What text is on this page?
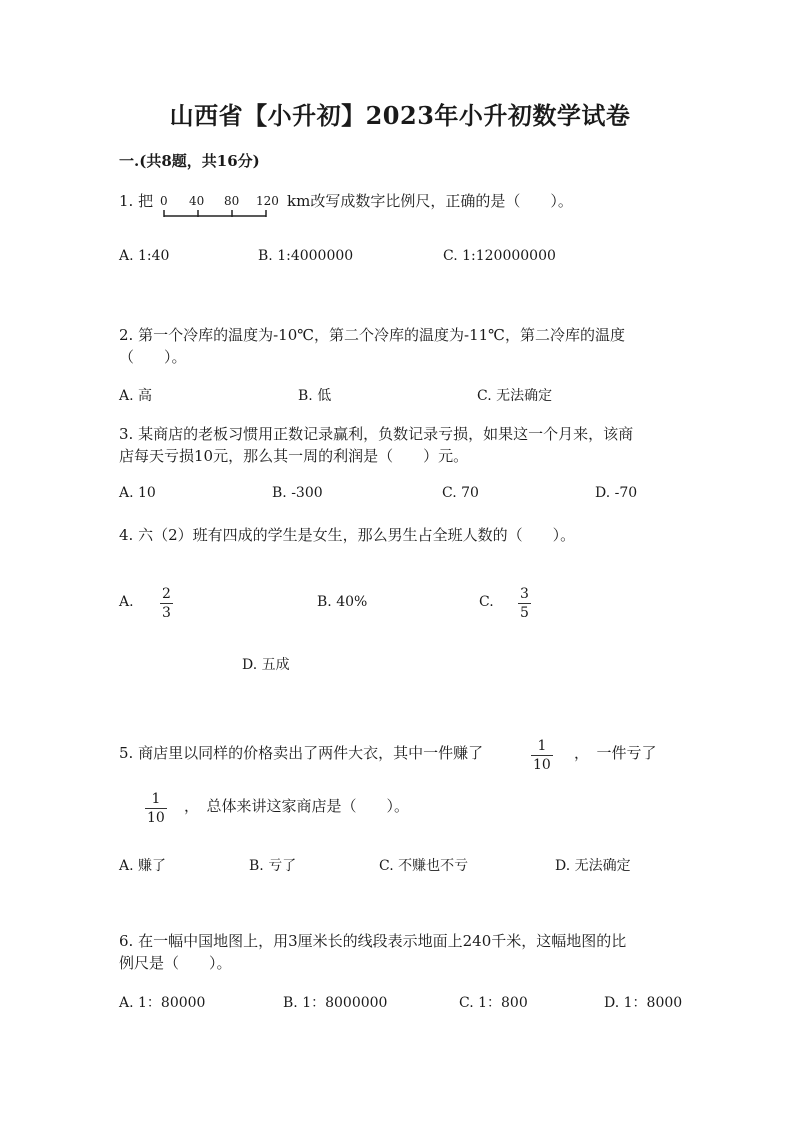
山西省【小升初】2023年小升初数学试卷
一.(共8题，共16分)
1. 把 0 40 80 120 km改写成数字比例尺，正确的是（　　）。
A. 1:40	B. 1:4000000	C. 1:120000000
2. 第一个冷库的温度为-10℃，第二个冷库的温度为-11℃，第二冷库的温度
（　　）。
A. 高	B. 低	C. 无法确定
3. 某商店的老板习惯用正数记录赢利，负数记录亏损，如果这一个月来，该商
店每天亏损10元，那么其一周的利润是（　　）元。
A. 10	B. -300	C. 70	D. -70
4. 六（2）班有四成的学生是女生，那么男生占全班人数的（　　）。
A. 2
3
B. 40%	C. 3
5
D. 五成
5. 商店里以同样的价格卖出了两件大衣，其中一件赚了	1
10
，　一件亏了
1
10
，　总体来讲这家商店是（　　）。
A. 赚了	B. 亏了	C. 不赚也不亏	D. 无法确定
6. 在一幅中国地图上，用3厘米长的线段表示地面上240千米，这幅地图的比
例尺是（　　）。
A. 1：80000	B. 1：8000000	C. 1：800	D. 1：8000
